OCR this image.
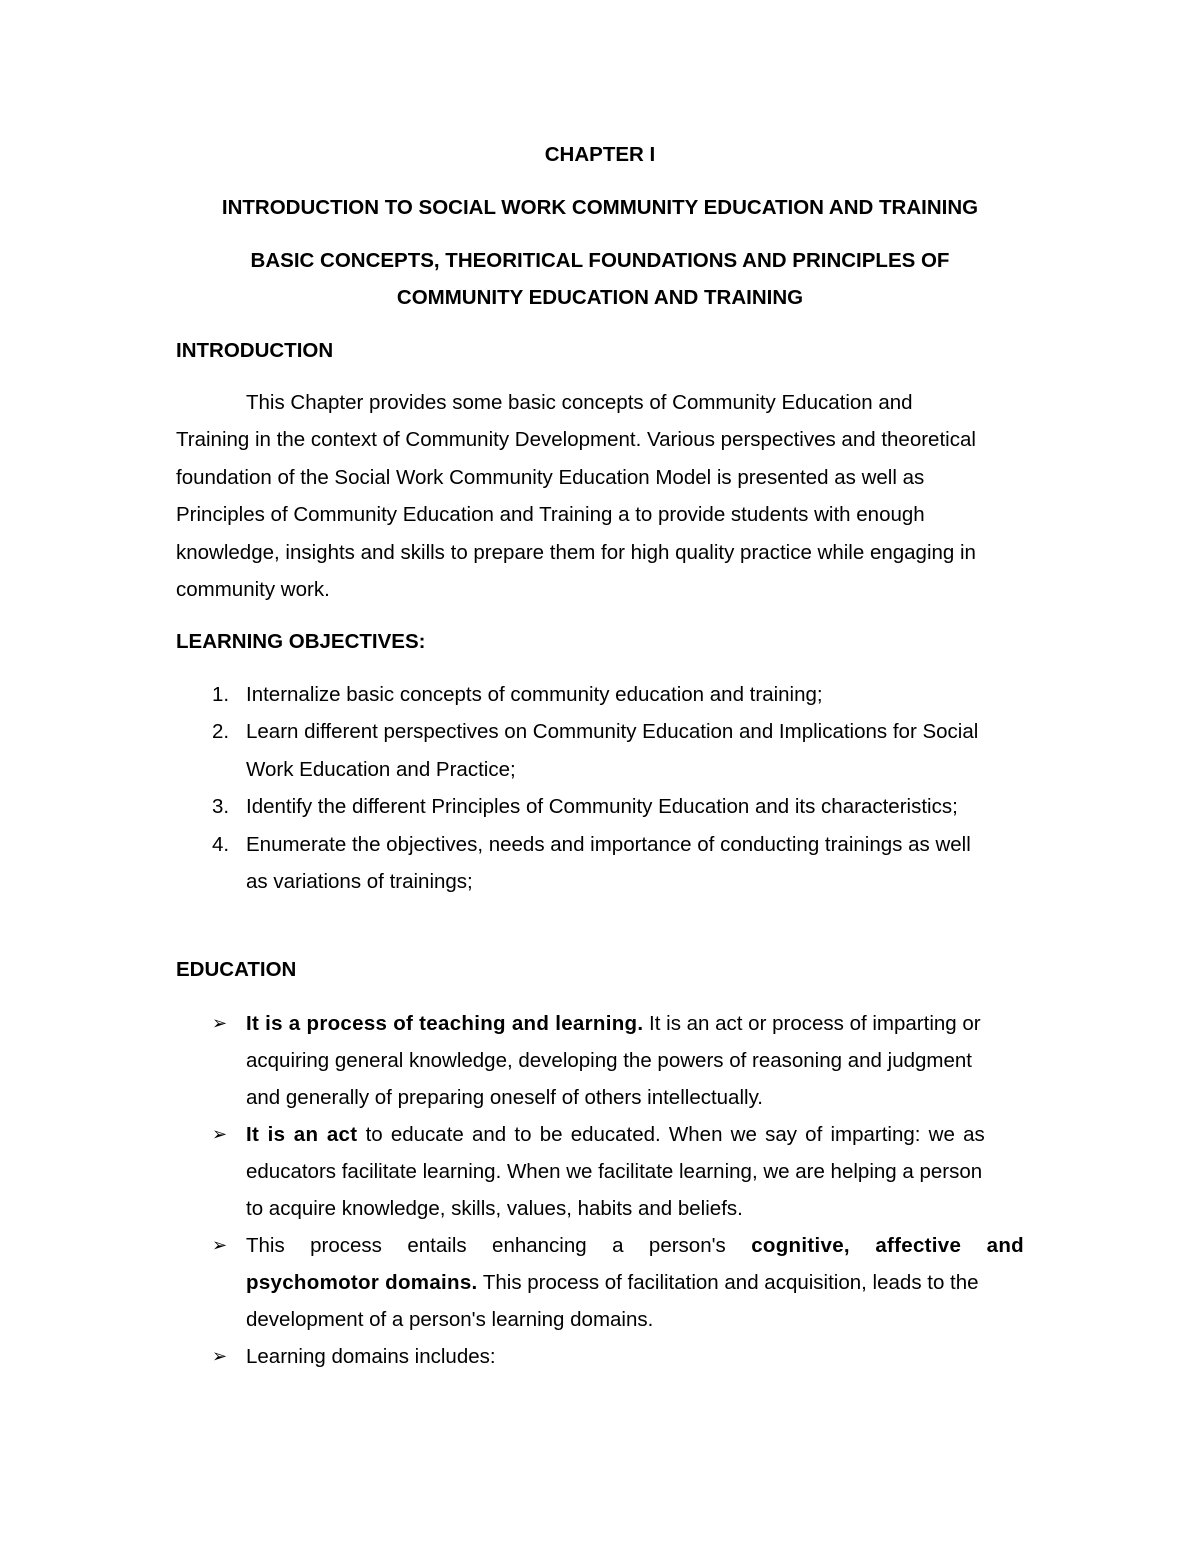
CHAPTER I

INTRODUCTION TO SOCIAL WORK COMMUNITY EDUCATION AND TRAINING

BASIC CONCEPTS, THEORITICAL FOUNDATIONS AND PRINCIPLES OF

COMMUNITY EDUCATION AND TRAINING

INTRODUCTION

This Chapter provides some basic concepts of Community Education and
Training in the context of Community Development. Various perspectives and theoretical
foundation of the Social Work Community Education Model is presented as well as
Principles of Community Education and Training a to provide students with enough
knowledge, insights and skills to prepare them for high quality practice while engaging in
community work.

LEARNING OBJECTIVES:

1. Internalize basic concepts of community education and training;
2. Learn different perspectives on Community Education and Implications for Social
Work Education and Practice;
3. Identify the different Principles of Community Education and its characteristics;
4. Enumerate the objectives, needs and importance of conducting trainings as well
as variations of trainings;

EDUCATION

➢ It is a process of teaching and learning. It is an act or process of imparting or
acquiring general knowledge, developing the powers of reasoning and judgment
and generally of preparing oneself of others intellectually.
➢ It is an act to educate and to be educated. When we say of imparting: we as
educators facilitate learning. When we facilitate learning, we are helping a person
to acquire knowledge, skills, values, habits and beliefs.
➢ This process entails enhancing a person's cognitive, affective and
psychomotor domains. This process of facilitation and acquisition, leads to the
development of a person's learning domains.
➢ Learning domains includes:
